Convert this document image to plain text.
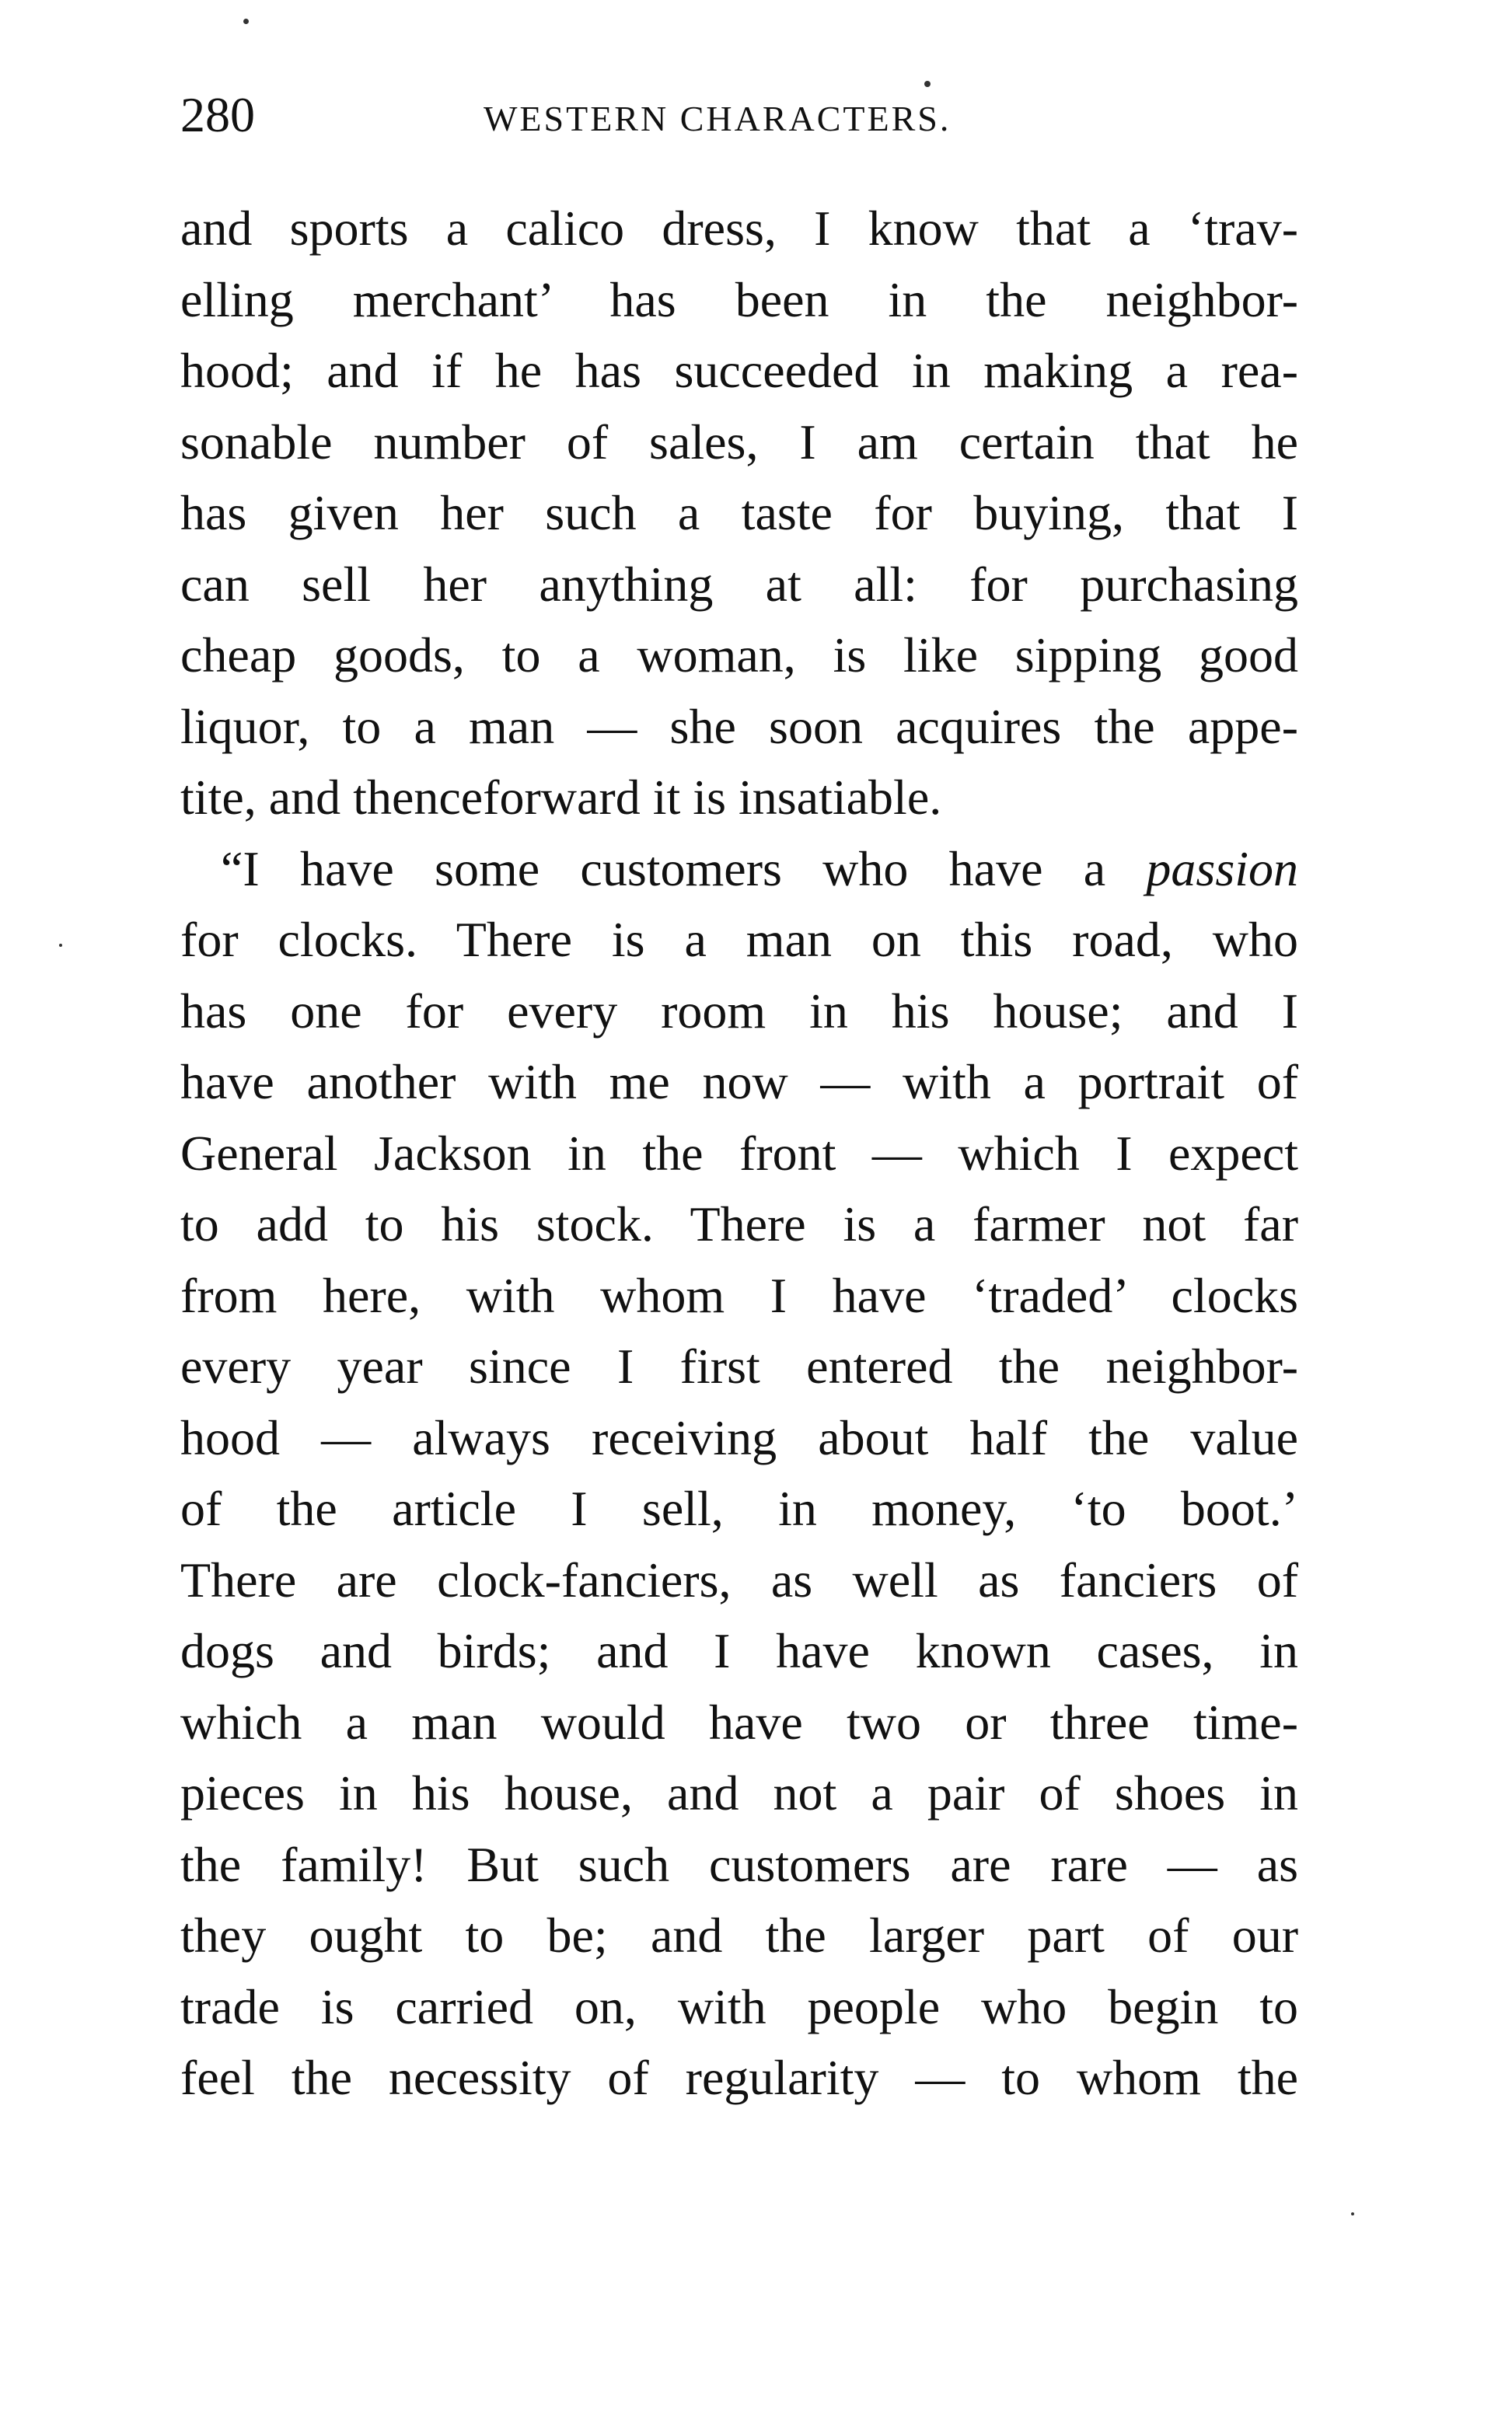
280	WESTERN CHARACTERS.
and sports a calico dress, I know that a ‘trav-
elling merchant’ has been in the neighbor-
hood; and if he has succeeded in making a rea-
sonable number of sales, I am certain that he
has given her such a taste for buying, that I
can sell her anything at all: for purchasing
cheap goods, to a woman, is like sipping good
liquor, to a man — she soon acquires the appe-
tite, and thenceforward it is insatiable.
“I have some customers who have a passion
for clocks. There is a man on this road, who
has one for every room in his house; and I
have another with me now — with a portrait of
General Jackson in the front — which I expect
to add to his stock. There is a farmer not far
from here, with whom I have ‘traded’ clocks
every year since I first entered the neighbor-
hood — always receiving about half the value
of the article I sell, in money, ‘to boot.’
There are clock-fanciers, as well as fanciers of
dogs and birds; and I have known cases, in
which a man would have two or three time-
pieces in his house, and not a pair of shoes in
the family! But such customers are rare — as
they ought to be; and the larger part of our
trade is carried on, with people who begin to
feel the necessity of regularity — to whom the
